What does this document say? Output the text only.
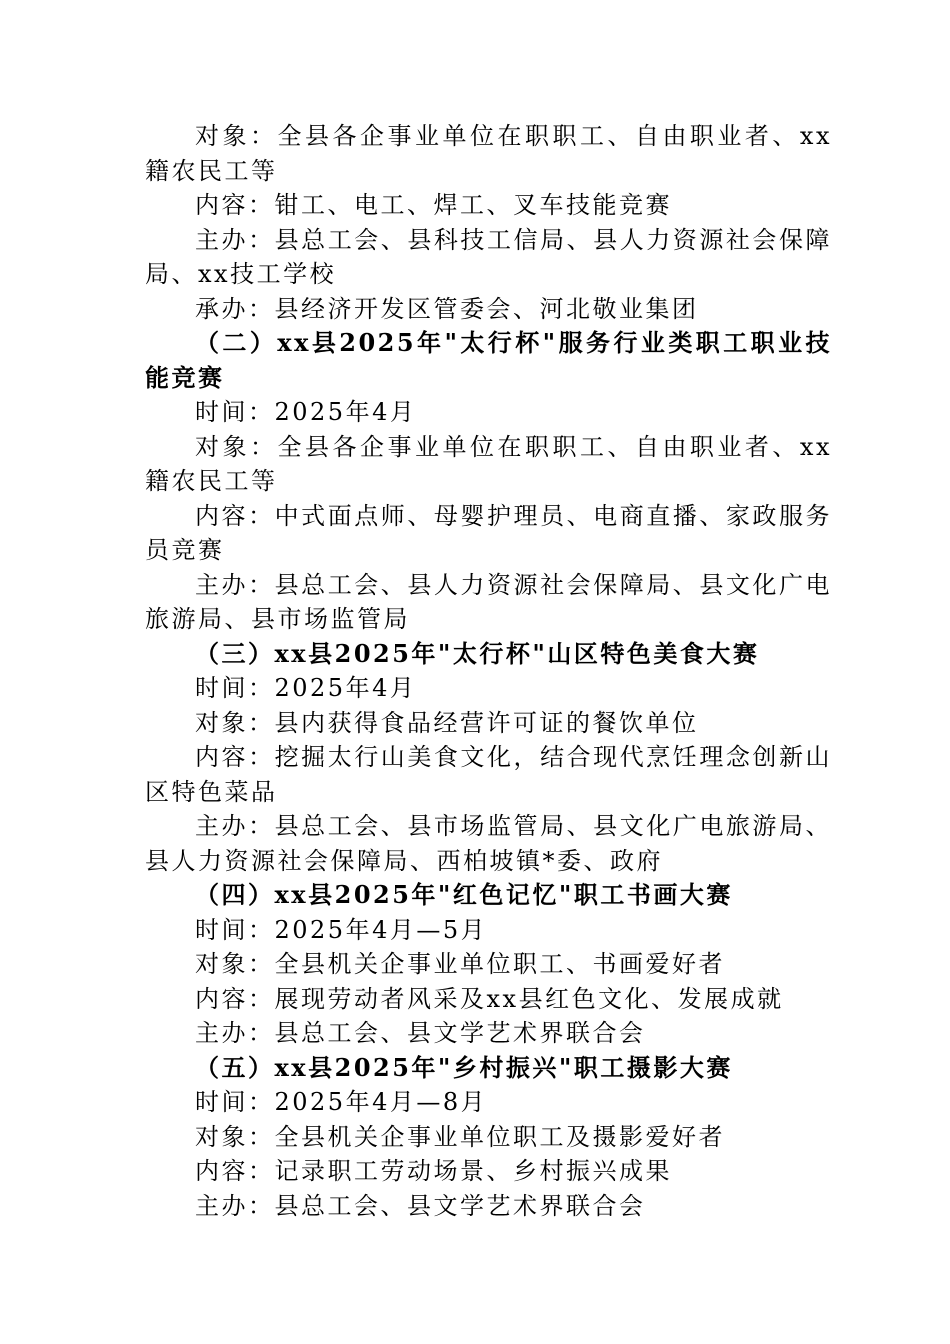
对象：全县各企事业单位在职职工、自由职业者、xx籍农民工等

内容：钳工、电工、焊工、叉车技能竞赛

主办：县总工会、县科技工信局、县人力资源社会保障局、xx技工学校

承办：县经济开发区管委会、河北敬业集团

（二）xx县2025年"太行杯"服务行业类职工职业技能竞赛

时间：2025年4月

对象：全县各企事业单位在职职工、自由职业者、xx籍农民工等

内容：中式面点师、母婴护理员、电商直播、家政服务员竞赛

主办：县总工会、县人力资源社会保障局、县文化广电旅游局、县市场监管局

（三）xx县2025年"太行杯"山区特色美食大赛

时间：2025年4月

对象：县内获得食品经营许可证的餐饮单位

内容：挖掘太行山美食文化，结合现代烹饪理念创新山区特色菜品

主办：县总工会、县市场监管局、县文化广电旅游局、县人力资源社会保障局、西柏坡镇*委、政府

（四）xx县2025年"红色记忆"职工书画大赛

时间：2025年4月—5月

对象：全县机关企事业单位职工、书画爱好者

内容：展现劳动者风采及xx县红色文化、发展成就

主办：县总工会、县文学艺术界联合会

（五）xx县2025年"乡村振兴"职工摄影大赛

时间：2025年4月—8月

对象：全县机关企事业单位职工及摄影爱好者

内容：记录职工劳动场景、乡村振兴成果

主办：县总工会、县文学艺术界联合会
